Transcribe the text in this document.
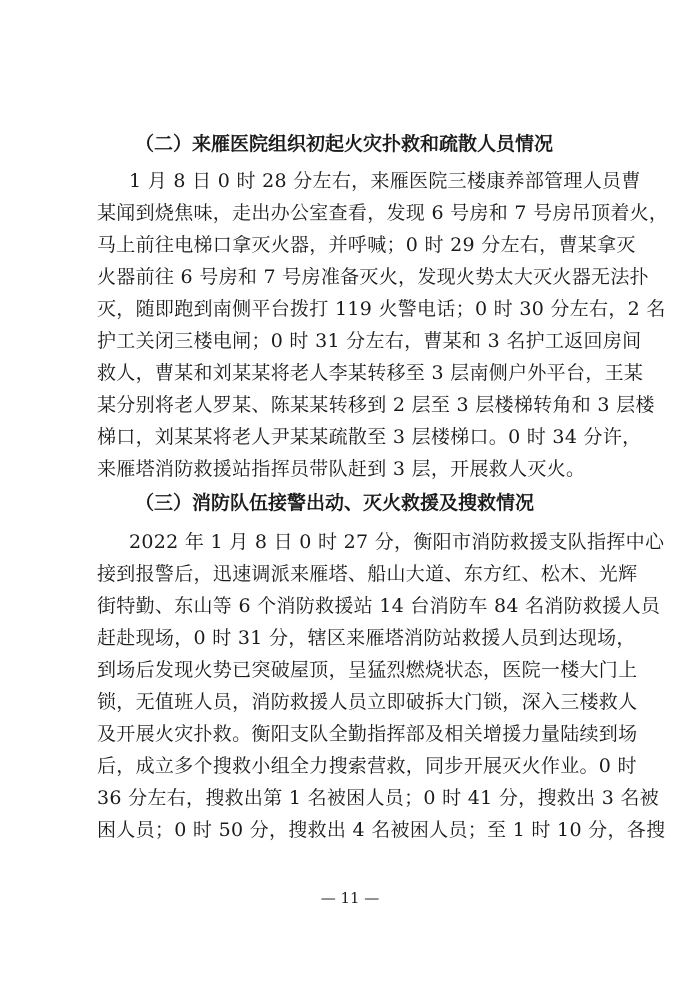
（二）来雁医院组织初起火灾扑救和疏散人员情况
1 月 8 日 0 时 28 分左右，来雁医院三楼康养部管理人员曹
某闻到烧焦味，走出办公室查看，发现 6 号房和 7 号房吊顶着火，
马上前往电梯口拿灭火器，并呼喊；0 时 29 分左右，曹某拿灭
火器前往 6 号房和 7 号房准备灭火，发现火势太大灭火器无法扑
灭，随即跑到南侧平台拨打 119 火警电话；0 时 30 分左右，2 名
护工关闭三楼电闸；0 时 31 分左右，曹某和 3 名护工返回房间
救人，曹某和刘某某将老人李某转移至 3 层南侧户外平台，王某
某分别将老人罗某、陈某某转移到 2 层至 3 层楼梯转角和 3 层楼
梯口，刘某某将老人尹某某疏散至 3 层楼梯口。0 时 34 分许，
来雁塔消防救援站指挥员带队赶到 3 层，开展救人灭火。
（三）消防队伍接警出动、灭火救援及搜救情况
2022 年 1 月 8 日 0 时 27 分，衡阳市消防救援支队指挥中心
接到报警后，迅速调派来雁塔、船山大道、东方红、松木、光辉
街特勤、东山等 6 个消防救援站 14 台消防车 84 名消防救援人员
赶赴现场，0 时 31 分，辖区来雁塔消防站救援人员到达现场，
到场后发现火势已突破屋顶，呈猛烈燃烧状态，医院一楼大门上
锁，无值班人员，消防救援人员立即破拆大门锁，深入三楼救人
及开展火灾扑救。衡阳支队全勤指挥部及相关增援力量陆续到场
后，成立多个搜救小组全力搜索营救，同步开展灭火作业。0 时
36 分左右，搜救出第 1 名被困人员；0 时 41 分，搜救出 3 名被
困人员；0 时 50 分，搜救出 4 名被困人员；至 1 时 10 分，各搜
— 11 —
